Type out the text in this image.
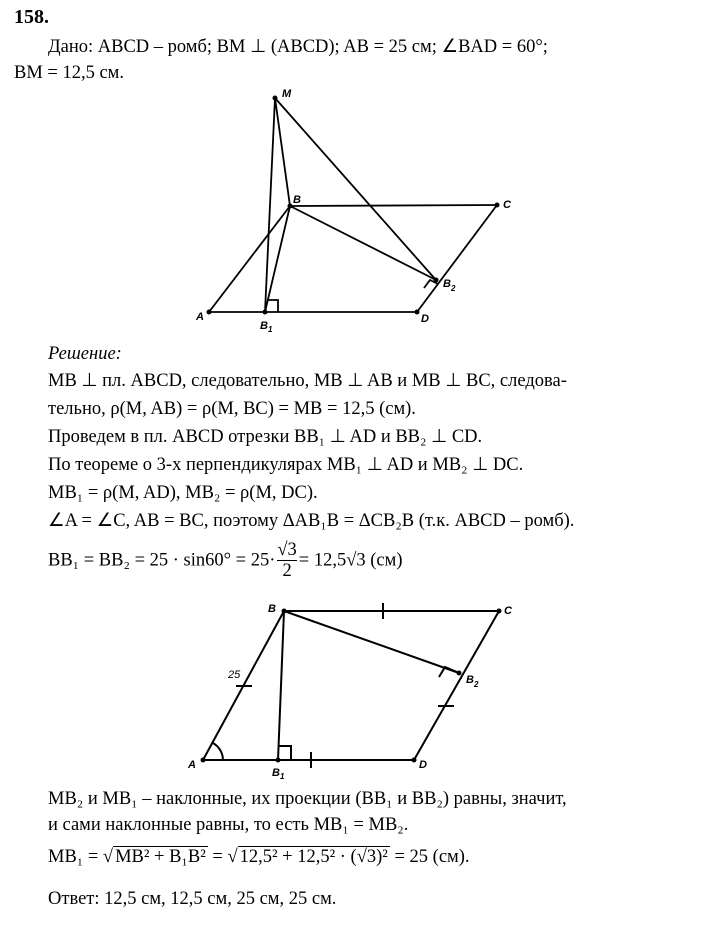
158.
Дано: ABCD – ромб; BM ⊥ (ABCD); AB = 25 см; ∠BAD = 60°;
BM = 12,5 см.
M
B	C
A
B 1
D
B 2
Решение:
MB ⊥ пл. ABCD, следовательно, MB ⊥ AB и MB ⊥ BC, следова-
тельно, ρ(M, AB) = ρ(M, BC) = MB = 12,5 (см).
Проведем в пл. ABCD отрезки BB₁ ⊥ AD и BB₂ ⊥ CD.
По теореме о 3-х перпендикулярах MB₁ ⊥ AD и MB₂ ⊥ DC.
MB₁ = ρ(M, AD), MB₂ = ρ(M, DC).
∠A = ∠C, AB = BC, поэтому ΔAB₁B = ΔCB₂B (т.к. ABCD – ромб).
$BB_1 = BB_2 = 25 \cdot \sin 60^\circ = 25\cdot \frac{√3}{2} = 12,5√3$ (см)
B	C
A	D
B 1
B 2
25
MB₂ и MB₁ – наклонные, их проекции (BB₁ и BB₂) равны, значит,
и сами наклонные равны, то есть MB₁ = MB₂.
MB₁ = √ MB² + B₁B² = √ 12,5² + 12,5² · (√3)² = 25 (см).
Ответ: 12,5 см, 12,5 см, 25 см, 25 см.
